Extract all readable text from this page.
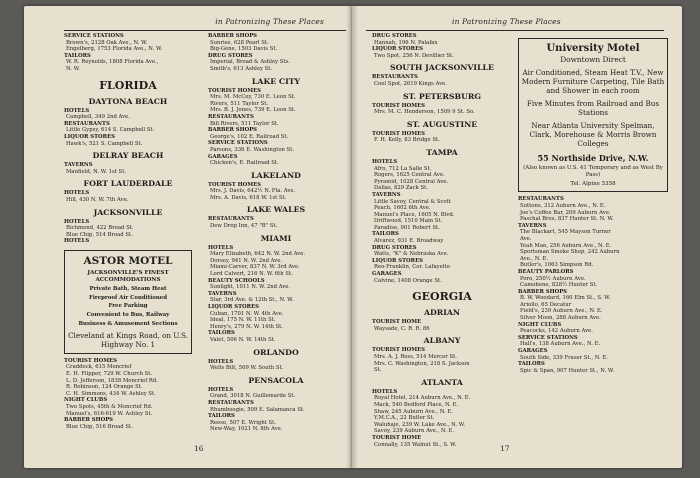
in Patronizing These Places
SERVICE STATIONS
Brown's, 2128 Oak Ave., N. W.
Engelberg, 1753 Florida Ave., N. W.
TAILORS
W. R. Reynolds, 1808 Florida Ave.,
N. W.
FLORIDA
DAYTONA BEACH
HOTELS
Campbell, 349 2nd Ave.
RESTAURANTS
Little Gypsy, 614 S. Campbell St.
LIQUOR STORES
Hawk's, 521 S. Campbell St.
DELRAY BEACH
TAVERNS
Manfield, N. W. 1st St.
FORT LAUDERDALE
HOTELS
Hill, 430 N. W. 7th Ave.
JACKSONVILLE
HOTELS
Richmond, 422 Broad St.
Blue Chip, 514 Broad St.
HOTELS
ASTOR MOTEL
JACKSONVILLE'S FINEST ACCOMMODATIONS
Private Bath, Steam Heat
Fireproof Air Conditioned
Free Parking
Convenient to Bus, Railway
Business & Amusement Sections
Cleveland at Kings Road, on U.S. Highway No. 1
TOURIST HOMES
Craddock, 615 Moncrief
E. H. Filpper, 729 W. Church St.
L. D. Jefferson, 1838 Moncrief Rd.
R. Robinson, 124 Orange St.
C. H. Simmons, 434 W. Ashley St.
NIGHT CLUBS
Two Spots, 45th & Moncrief Rd.
Manuel's, 616-619 W. Ashley St.
BARBER SHOPS
Blue Chip, 516 Broad St.
BARBER SHOPS
Sunrise, 628 Pearl St.
Big-Gene, 1503 Davis St.
DRUG STORES
Imperial, Broad & Ashley Sts.
Smith's, 613 Ashley St.
LAKE CITY
TOURIST HOMES
Mrs. M. McCoy, 730 E. Leon St.
Rivers, 511 Taylor St.
Mrs. B. J. Jones, 739 E. Leon St.
RESTAURANTS
Bill Rivers, 511 Taylor St.
BARBER SHOPS
George's, 102 E. Railroad St.
SERVICE STATIONS
Parsons, 336 E. Washington St.
GARAGES
Chicken's, E. Railroad St.
LAKELAND
TOURIST HOMES
Mrs. J. Davis, 642½ N. Fla. Ave.
Mrs. A. Davis, 618 W. 1st St.
LAKE WALES
RESTAURANTS
Dew Drop Inn, 47 "B" St.
MIAMI
HOTELS
Mary Elizabeth, 642 N. W. 2nd Ave.
Dorsey, 941 N. W. 2nd Ave.
Miami-Carver, 837 N. W. 3rd Ave.
Lord Calvert, 216 N. W. 6th St.
BEAUTY SCHOOLS
Sunlight, 1011 N. W. 2nd Ave.
TAVERNS
Star, 3rd Ave. & 12th St., N. W.
LIQUOR STORES
Cuban, 1701 N. W. 4th Ave.
Ideal, 175 N. W. 11th St.
Henry's, 279 N. W. 14th St.
TAILORS
Valet, 506 N. W. 14th St.
ORLANDO
HOTELS
Wells Bilt, 509 W. South St.
PENSACOLA
HOTELS
Grand, 3018 N. Guillemarde St.
RESTAURANTS
Rhumboogie, 509 E. Salamanca St.
TAILORS
Reese, 507 E. Wright St.
New-Way, 1021 N. 8th Ave.
16
in Patronizing These Places
DRUG STORES
Hannah, 196 N. Palafax
LIQUOR STORES
Two Spot, 256 N. Devillier St.
SOUTH JACKSONVILLE
RESTAURANTS
Cool Spot, 2619 Kings Ave.
ST. PETERSBURG
TOURIST HOMES
Mrs. M. C. Henderson, 1509 9 St. So.
ST. AUGUSTINE
TOURIST HOMES
F. H. Kelly, 83 Bridge St.
TAMPA
HOTELS
Afro, 712 La Salle St.
Rogers, 1625 Central Ave.
Pyramid, 1028 Central Ave.
Dallas, 829 Zack St.
TAVERNS
Little Savoy, Central & Scott
Peach, 1602 6th Ave.
Manuel's Place, 1605 N. Blvd.
Driftwood, 1510 Main St.
Paradise, 901 Robert St.
TAILORS
Alvarez, 931 E. Broadway
DRUG STORES
Watts, "K" & Nebraska Ave.
LIQUOR STORES
Reo-Franklin, Cor. Lafayette
GARAGES
Calvine, 1408 Orange St.
GEORGIA
ADRIAN
TOURIST HOME
Waysade, C. R. R. 86
ALBANY
TOURIST HOMES
Mrs. A. J. Ross, 514 Mercer St.
Mrs. C. Washington, 218 S. Jackson
St.
ATLANTA
HOTELS
Royal Hotel, 214 Auburn Ave., N. E.
Mack, 540 Bedford Place, N. E.
Shaw, 245 Auburn Ave., N. E.
Y.M.C.A., 22 Butler St.
Waluhaje, 239 W. Lake Ave., N. W.
Savoy, 239 Auburn Ave., N. E.
TOURIST HOME
Connally, 135 Walnut St., S. W.
University Motel
Downtown Direct
Air Conditioned, Steam Heat T.V., New Modern Furniture Carpeting, Tile Bath and Shower in each room
Five Minutes from Railroad and Bus Stations
Near Atlanta University Spelman, Clark, Morehouse & Morris Brown Colleges
55 Northside Drive, N.W.
(Also known as U.S. 41 Temporary and as West By Pass)
Tel. Alpine 5358
RESTAURANTS
Suttons, 312 Auburn Ave., N. E.
Joe's Coffee Bar, 209 Auburn Ave.
Paschal Bros, 837 Hunter St. N. W.
TAVERNS
The Blackart, 545 Mayson Turner
Ave.
Yeah Man, 256 Auburn Ave., N. E.
Sportsman Smoke Shop, 242 Auburn
Ave., N. E.
Butler's, 1063 Simpson Rd.
BEAUTY PARLORS
Poro, 250½ Auburn Ave.
Camobene, 828½ Hunter St.
BARBER SHOPS
B. W. Woodard, 160 Elm St., S. W.
Ariollo, 65 Decatur
Field's, 239 Auburn Ave., N. E.
Silver Moon, 288 Auburn Ave.
NIGHT CLUBS
Peacocks, 142 Auburn Ave.
SERVICE STATIONS
Hall's, 138 Auburn Ave., N. E.
GARAGES
South Side, 339 Fraser St., N. E.
TAILORS
Spic & Span, 907 Hunter St., N. W.
17
